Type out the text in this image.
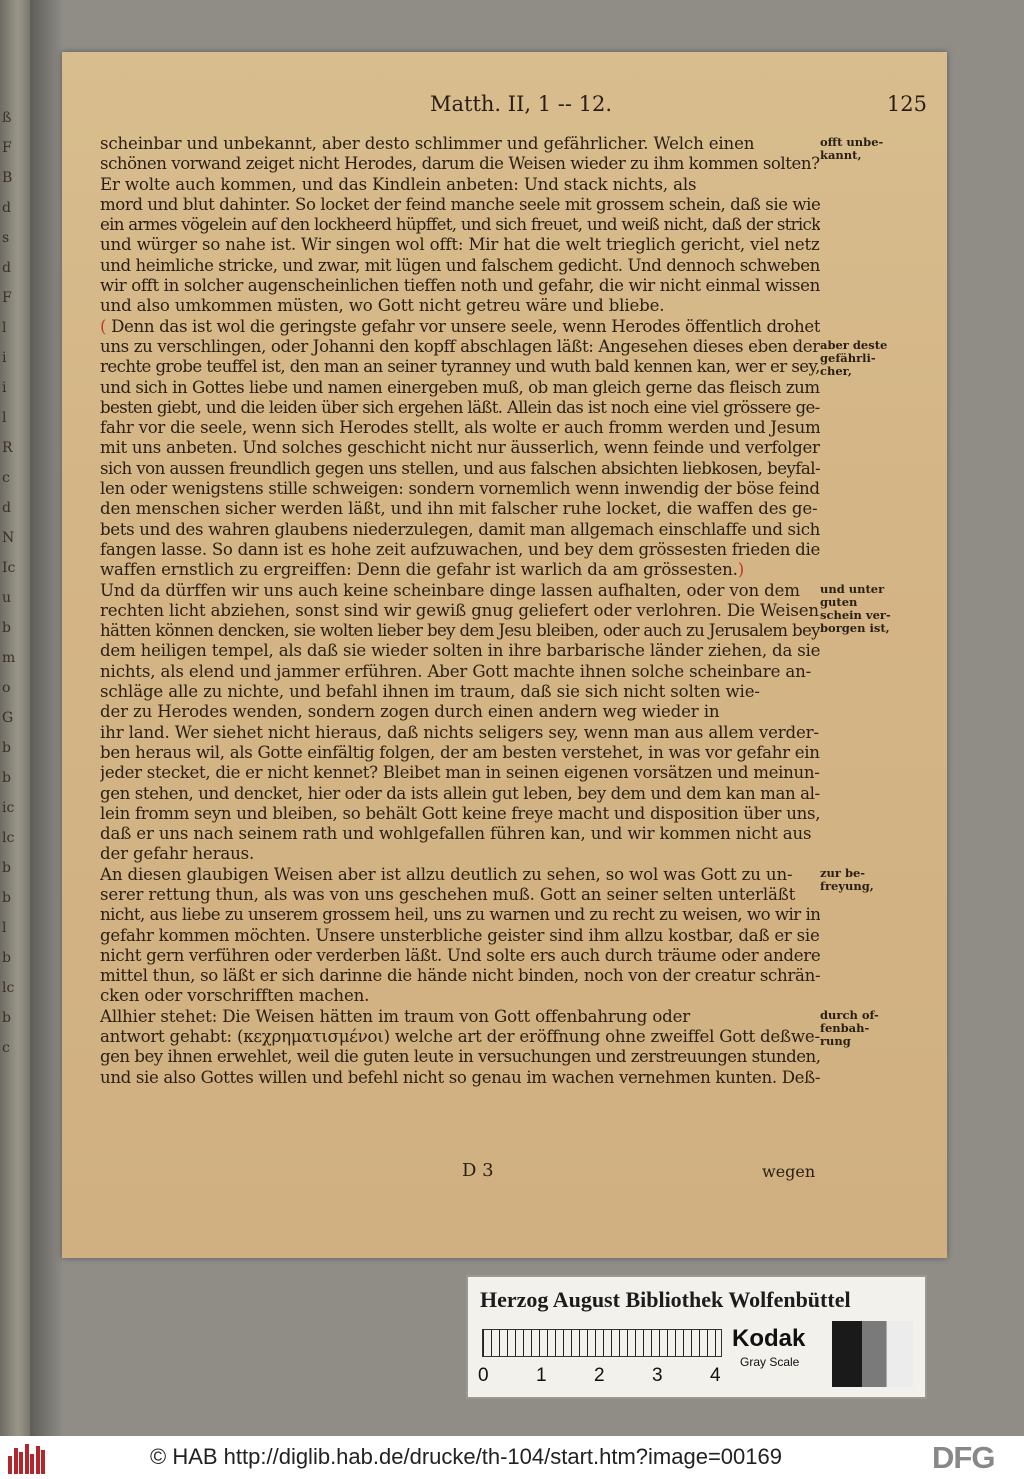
ß
F
B
d
s
d
F
l
i
i
l
R
c
d
N
Ic
u
b
m
o
G
b
b
ic
lc
b
b
l
b
lc
b
c
Matth. II, 1 -- 12.	125
scheinbar und unbekannt, aber desto schlimmer und gefährlicher. Welch einen
schönen vorwand zeiget nicht Herodes, darum die Weisen wieder zu ihm kommen solten?
Er wolte auch kommen, und das Kindlein anbeten: Und stack nichts, als
mord und blut dahinter. So locket der feind manche seele mit grossem schein, daß sie wie
ein armes vögelein auf den lockheerd hüpffet, und sich freuet, und weiß nicht, daß der strick
und würger so nahe ist. Wir singen wol offt: Mir hat die welt trieglich gericht, viel netz
und heimliche stricke, und zwar, mit lügen und falschem gedicht. Und dennoch schweben
wir offt in solcher augenscheinlichen tieffen noth und gefahr, die wir nicht einmal wissen
und also umkommen müsten, wo Gott nicht getreu wäre und bliebe.
( Denn das ist wol die geringste gefahr vor unsere seele, wenn Herodes öffentlich drohet
uns zu verschlingen, oder Johanni den kopff abschlagen läßt: Angesehen dieses eben der
rechte grobe teuffel ist, den man an seiner tyranney und wuth bald kennen kan, wer er sey,
und sich in Gottes liebe und namen einergeben muß, ob man gleich gerne das fleisch zum
besten giebt, und die leiden über sich ergehen läßt. Allein das ist noch eine viel grössere ge-
fahr vor die seele, wenn sich Herodes stellt, als wolte er auch fromm werden und Jesum
mit uns anbeten. Und solches geschicht nicht nur äusserlich, wenn feinde und verfolger
sich von aussen freundlich gegen uns stellen, und aus falschen absichten liebkosen, beyfal-
len oder wenigstens stille schweigen: sondern vornemlich wenn inwendig der böse feind
den menschen sicher werden läßt, und ihn mit falscher ruhe locket, die waffen des ge-
bets und des wahren glaubens niederzulegen, damit man allgemach einschlaffe und sich
fangen lasse. So dann ist es hohe zeit aufzuwachen, und bey dem grössesten frieden die
waffen ernstlich zu ergreiffen: Denn die gefahr ist warlich da am grössesten.)
Und da dürffen wir uns auch keine scheinbare dinge lassen aufhalten, oder von dem
rechten licht abziehen, sonst sind wir gewiß gnug geliefert oder verlohren. Die Weisen
hätten können dencken, sie wolten lieber bey dem Jesu bleiben, oder auch zu Jerusalem bey
dem heiligen tempel, als daß sie wieder solten in ihre barbarische länder ziehen, da sie
nichts, als elend und jammer erführen. Aber Gott machte ihnen solche scheinbare an-
schläge alle zu nichte, und befahl ihnen im traum, daß sie sich nicht solten wie-
der zu Herodes wenden, sondern zogen durch einen andern weg wieder in
ihr land. Wer siehet nicht hieraus, daß nichts seligers sey, wenn man aus allem verder-
ben heraus wil, als Gotte einfältig folgen, der am besten verstehet, in was vor gefahr ein
jeder stecket, die er nicht kennet? Bleibet man in seinen eigenen vorsätzen und meinun-
gen stehen, und dencket, hier oder da ists allein gut leben, bey dem und dem kan man al-
lein fromm seyn und bleiben, so behält Gott keine freye macht und disposition über uns,
daß er uns nach seinem rath und wohlgefallen führen kan, und wir kommen nicht aus
der gefahr heraus.
An diesen glaubigen Weisen aber ist allzu deutlich zu sehen, so wol was Gott zu un-
serer rettung thun, als was von uns geschehen muß. Gott an seiner selten unterläßt
nicht, aus liebe zu unserem grossem heil, uns zu warnen und zu recht zu weisen, wo wir in
gefahr kommen möchten. Unsere unsterbliche geister sind ihm allzu kostbar, daß er sie
nicht gern verführen oder verderben läßt. Und solte ers auch durch träume oder andere
mittel thun, so läßt er sich darinne die hände nicht binden, noch von der creatur schrän-
cken oder vorschrifften machen.
Allhier stehet: Die Weisen hätten im traum von Gott offenbahrung oder
antwort gehabt: (κεχρηματισμένοι) welche art der eröffnung ohne zweiffel Gott deßwe-
gen bey ihnen erwehlet, weil die guten leute in versuchungen und zerstreuungen stunden,
und sie also Gottes willen und befehl nicht so genau im wachen vernehmen kunten. Deß-
offt unbe-
kannt,
aber deste
gefährli-
cher,
und unter
guten
schein ver-
borgen ist,
zur be-
freyung,
durch of-
fenbah-
rung
D 3	wegen
Herzog August Bibliothek Wolfenbüttel
0 1 2 3 4
Kodak
Gray Scale
© HAB http://diglib.hab.de/drucke/th-104/start.htm?image=00169	DFG
